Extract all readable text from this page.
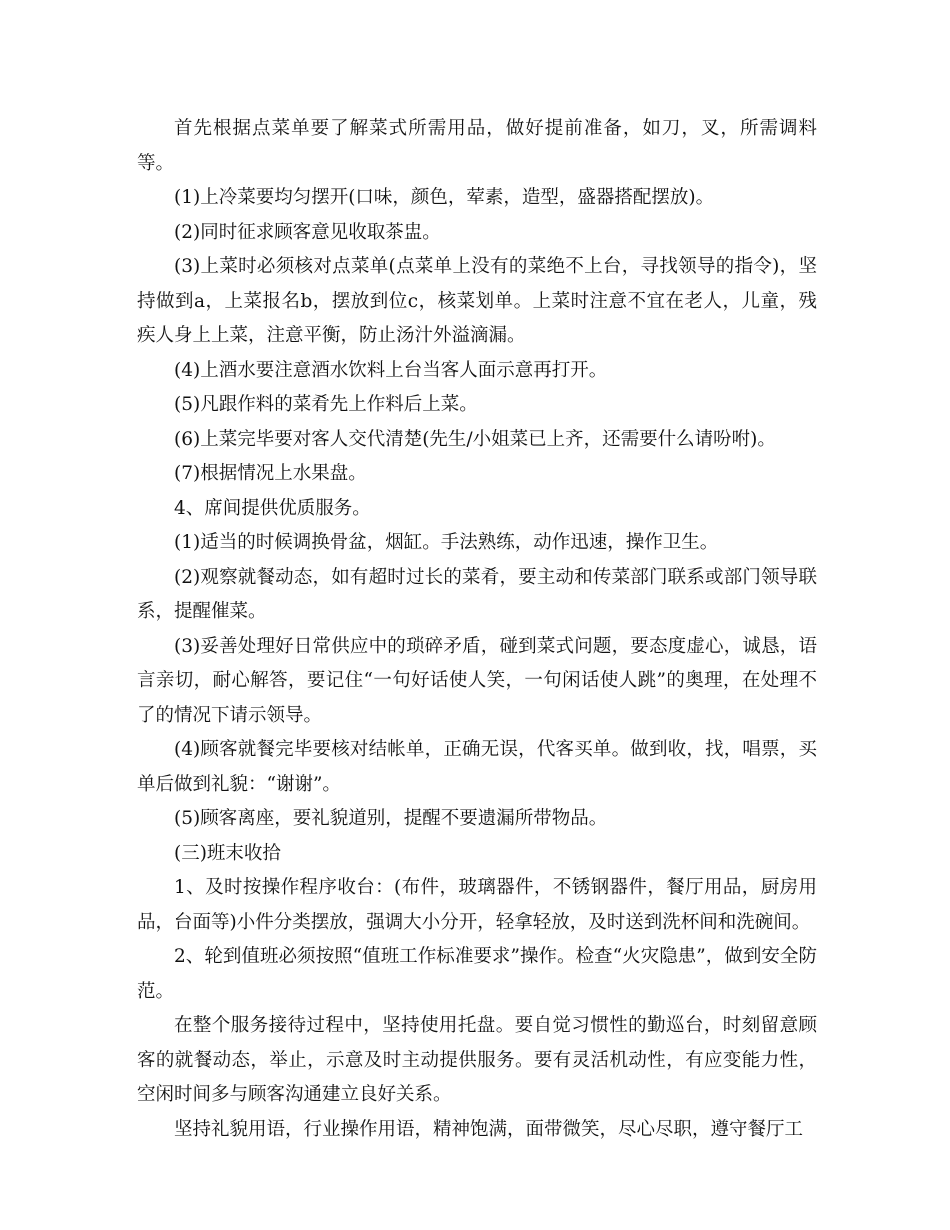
首先根据点菜单要了解菜式所需用品，做好提前准备，如刀，叉，所需调料等。

(1)上冷菜要均匀摆开(口味，颜色，荤素，造型，盛器搭配摆放)。

(2)同时征求顾客意见收取茶盅。

(3)上菜时必须核对点菜单(点菜单上没有的菜绝不上台，寻找领导的指令)，坚持做到a，上菜报名b，摆放到位c，核菜划单。上菜时注意不宜在老人，儿童，残疾人身上上菜，注意平衡，防止汤汁外溢滴漏。

(4)上酒水要注意酒水饮料上台当客人面示意再打开。

(5)凡跟作料的菜肴先上作料后上菜。

(6)上菜完毕要对客人交代清楚(先生/小姐菜已上齐，还需要什么请吩咐)。

(7)根据情况上水果盘。

4、席间提供优质服务。

(1)适当的时候调换骨盆，烟缸。手法熟练，动作迅速，操作卫生。

(2)观察就餐动态，如有超时过长的菜肴，要主动和传菜部门联系或部门领导联系，提醒催菜。

(3)妥善处理好日常供应中的琐碎矛盾，碰到菜式问题，要态度虚心，诚恳，语言亲切，耐心解答，要记住“一句好话使人笑，一句闲话使人跳”的奥理，在处理不了的情况下请示领导。

(4)顾客就餐完毕要核对结帐单，正确无误，代客买单。做到收，找，唱票，买单后做到礼貌：“谢谢”。

(5)顾客离座，要礼貌道别，提醒不要遗漏所带物品。

(三)班末收拾

1、及时按操作程序收台：(布件，玻璃器件，不锈钢器件，餐厅用品，厨房用品，台面等)小件分类摆放，强调大小分开，轻拿轻放，及时送到洗杯间和洗碗间。

2、轮到值班必须按照“值班工作标准要求”操作。检查“火灾隐患”，做到安全防范。

在整个服务接待过程中，坚持使用托盘。要自觉习惯性的勤巡台，时刻留意顾客的就餐动态，举止，示意及时主动提供服务。要有灵活机动性，有应变能力性，空闲时间多与顾客沟通建立良好关系。

坚持礼貌用语，行业操作用语，精神饱满，面带微笑，尽心尽职，遵守餐厅工
